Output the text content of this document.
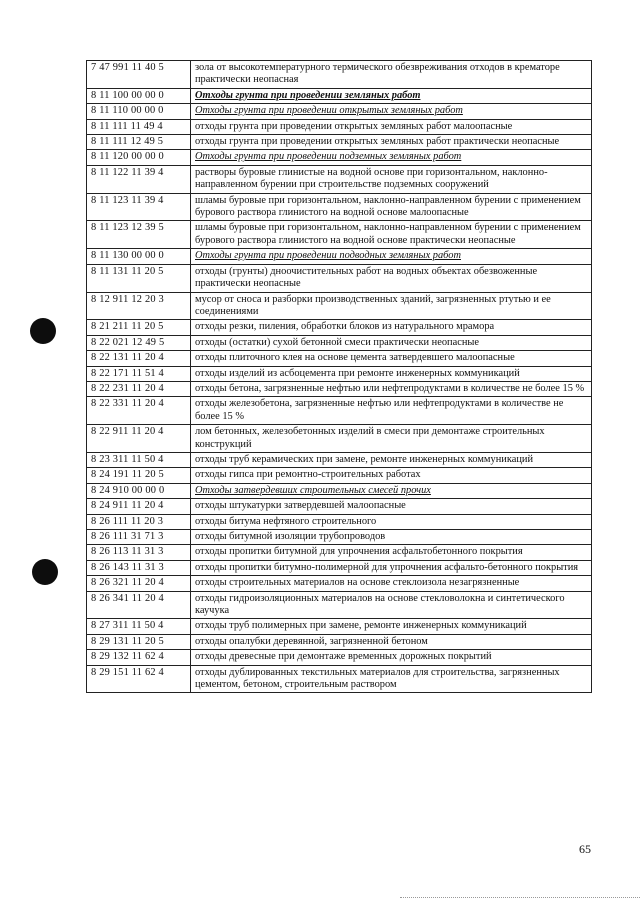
7 47 991 11 40 5	зола от высокотемпературного термического обезвреживания отходов в крематоре практически неопасная
8 11 100 00 00 0	Отходы грунта при проведении земляных работ
8 11 110 00 00 0	Отходы грунта при проведении открытых земляных работ
8 11 111 11 49 4	отходы грунта при проведении открытых земляных работ малоопасные
8 11 111 12 49 5	отходы грунта при проведении открытых земляных работ практически неопасные
8 11 120 00 00 0	Отходы грунта при проведении подземных земляных работ
8 11 122 11 39 4	растворы буровые глинистые на водной основе при горизонтальном, наклонно-направленном бурении при строительстве подземных сооружений
8 11 123 11 39 4	шламы буровые при горизонтальном, наклонно-направленном бурении с применением бурового раствора глинистого на водной основе малоопасные
8 11 123 12 39 5	шламы буровые при горизонтальном, наклонно-направленном бурении с применением бурового раствора глинистого на водной основе практически неопасные
8 11 130 00 00 0	Отходы грунта при проведении подводных земляных работ
8 11 131 11 20 5	отходы (грунты) дноочистительных работ на водных объектах обезвоженные практически неопасные
8 12 911 12 20 3	мусор от сноса и разборки производственных зданий, загрязненных ртутью и ее соединениями
8 21 211 11 20 5	отходы резки, пиления, обработки блоков из натурального мрамора
8 22 021 12 49 5	отходы (остатки) сухой бетонной смеси практически неопасные
8 22 131 11 20 4	отходы плиточного клея на основе цемента затвердевшего малоопасные
8 22 171 11 51 4	отходы изделий из асбоцемента при ремонте инженерных коммуникаций
8 22 231 11 20 4	отходы бетона, загрязненные нефтью или нефтепродуктами в количестве не более 15 %
8 22 331 11 20 4	отходы железобетона, загрязненные нефтью или нефтепродуктами в количестве не более 15 %
8 22 911 11 20 4	лом бетонных, железобетонных изделий в смеси при демонтаже строительных конструкций
8 23 311 11 50 4	отходы труб керамических при замене, ремонте инженерных коммуникаций
8 24 191 11 20 5	отходы гипса при ремонтно-строительных работах
8 24 910 00 00 0	Отходы затвердевших строительных смесей прочих
8 24 911 11 20 4	отходы штукатурки затвердевшей малоопасные
8 26 111 11 20 3	отходы битума нефтяного строительного
8 26 111 31 71 3	отходы битумной изоляции трубопроводов
8 26 113 11 31 3	отходы пропитки битумной для упрочнения асфальтобетонного покрытия
8 26 143 11 31 3	отходы пропитки битумно-полимерной для упрочнения асфальто-бетонного покрытия
8 26 321 11 20 4	отходы строительных материалов на основе стеклоизола незагрязненные
8 26 341 11 20 4	отходы гидроизоляционных материалов на основе стекловолокна и синтетического каучука
8 27 311 11 50 4	отходы труб полимерных при замене, ремонте инженерных коммуникаций
8 29 131 11 20 5	отходы опалубки деревянной, загрязненной бетоном
8 29 132 11 62 4	отходы древесные при демонтаже временных дорожных покрытий
8 29 151 11 62 4	отходы дублированных текстильных материалов для строительства, загрязненных цементом, бетоном, строительным раствором
65
